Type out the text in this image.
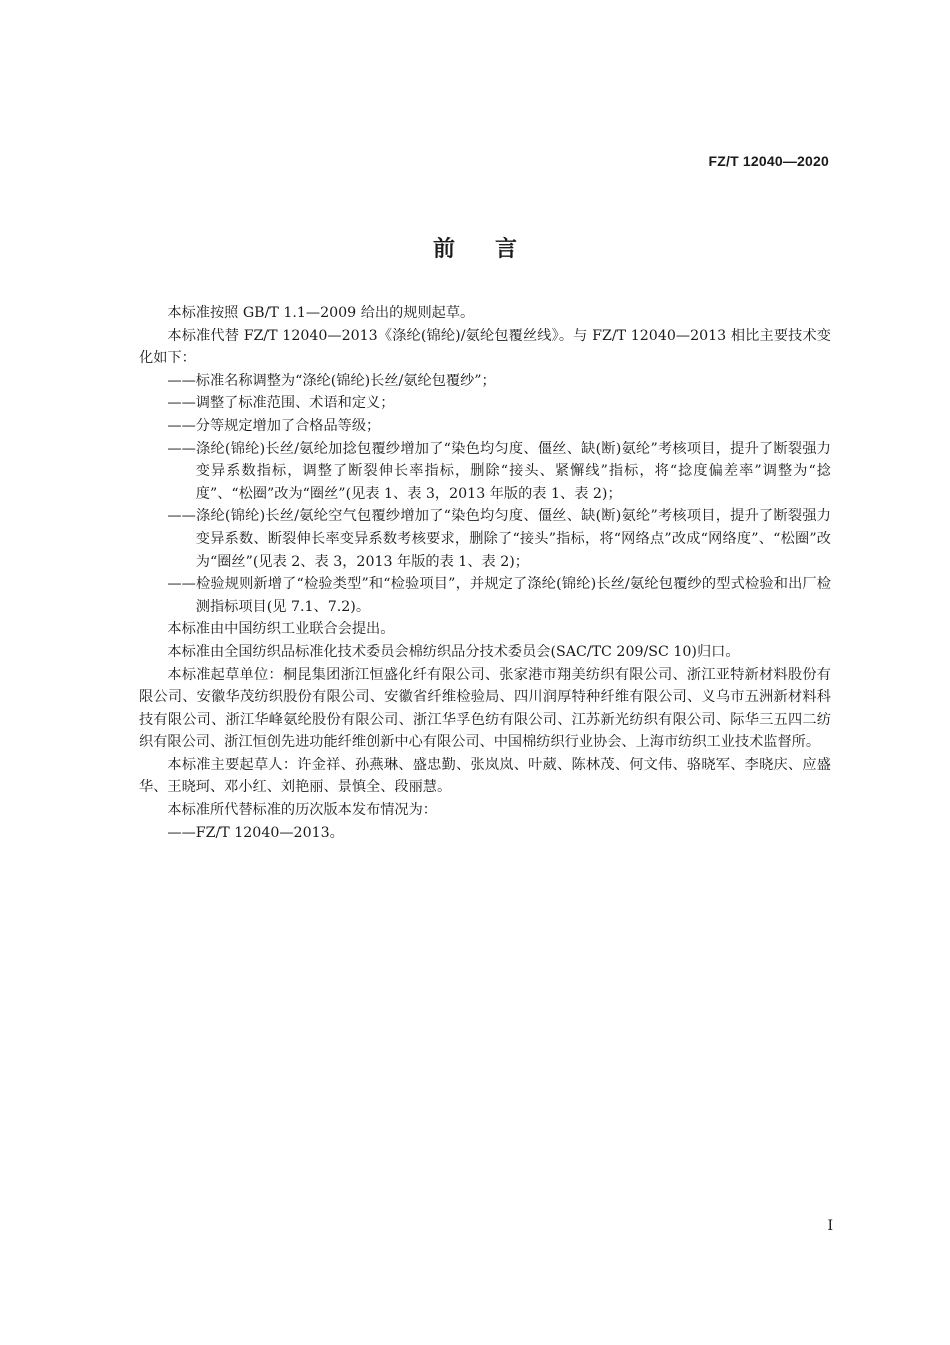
FZ/T 12040—2020
前言

本标准按照 GB/T 1.1—2009 给出的规则起草。

本标准代替 FZ/T 12040—2013《涤纶(锦纶)/氨纶包覆丝线》。与 FZ/T 12040—2013 相比主要技术变化如下：

——标准名称调整为“涤纶(锦纶)长丝/氨纶包覆纱”；

——调整了标准范围、术语和定义；

——分等规定增加了合格品等级；

——涤纶(锦纶)长丝/氨纶加捻包覆纱增加了“染色均匀度、僵丝、缺(断)氨纶”考核项目，提升了断裂强力变异系数指标，调整了断裂伸长率指标，删除“接头、紧懈线”指标，将“捻度偏差率”调整为“捻度”、“松圈”改为“圈丝”(见表 1、表 3，2013 年版的表 1、表 2)；

——涤纶(锦纶)长丝/氨纶空气包覆纱增加了“染色均匀度、僵丝、缺(断)氨纶”考核项目，提升了断裂强力变异系数、断裂伸长率变异系数考核要求，删除了“接头”指标，将“网络点”改成“网络度”、“松圈”改为“圈丝”(见表 2、表 3，2013 年版的表 1、表 2)；

——检验规则新增了“检验类型”和“检验项目”，并规定了涤纶(锦纶)长丝/氨纶包覆纱的型式检验和出厂检测指标项目(见 7.1、7.2)。

本标准由中国纺织工业联合会提出。

本标准由全国纺织品标准化技术委员会棉纺织品分技术委员会(SAC/TC 209/SC 10)归口。

本标准起草单位：桐昆集团浙江恒盛化纤有限公司、张家港市翔美纺织有限公司、浙江亚特新材料股份有限公司、安徽华茂纺织股份有限公司、安徽省纤维检验局、四川润厚特种纤维有限公司、义乌市五洲新材料科技有限公司、浙江华峰氨纶股份有限公司、浙江华孚色纺有限公司、江苏新光纺织有限公司、际华三五四二纺织有限公司、浙江恒创先进功能纤维创新中心有限公司、中国棉纺织行业协会、上海市纺织工业技术监督所。

本标准主要起草人：许金祥、孙燕琳、盛忠勤、张岚岚、叶葳、陈林茂、何文伟、骆晓军、李晓庆、应盛华、王晓珂、邓小红、刘艳丽、景慎全、段丽慧。

本标准所代替标准的历次版本发布情况为：

——FZ/T 12040—2013。

I
